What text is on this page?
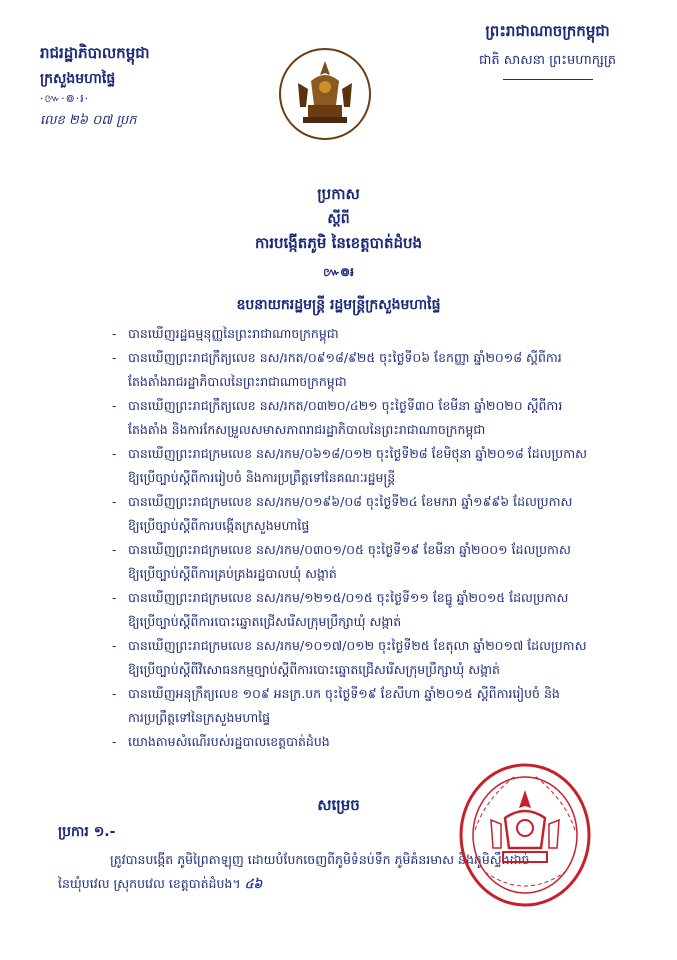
រាជរដ្ឋាភិបាលកម្ពុជា
ក្រសួងមហាផ្ទៃ
·៚·៙·៛·
លេខ ២៦ ០៧ ប្រក
ព្រះរាជាណាចក្រកម្ពុជា
ជាតិ សាសនា ព្រះមហាក្សត្រ
ប្រកាស
ស្តីពី
ការបង្កើតភូមិ នៃខេត្តបាត់ដំបង
៚៙៛
ឧបនាយករដ្ឋមន្ត្រី រដ្ឋមន្ត្រីក្រសួងមហាផ្ទៃ
- បានឃើញរដ្ឋធម្មនុញ្ញនៃព្រះរាជាណាចក្រកម្ពុជា
- បានឃើញព្រះរាជក្រឹត្យលេខ នស/រកត/០៩១៨/៩២៥ ចុះថ្ងៃទី០៦ ខែកញ្ញា ឆ្នាំ២០១៨ ស្តីពីការ
តែងតាំងរាជរដ្ឋាភិបាលនៃព្រះរាជាណាចក្រកម្ពុជា
- បានឃើញព្រះរាជក្រឹត្យលេខ នស/រកត/០៣២០/៤២១ ចុះថ្ងៃទី៣០ ខែមីនា ឆ្នាំ២០២០ ស្តីពីការ
តែងតាំង និងការកែសម្រួលសមាសភាពរាជរដ្ឋាភិបាលនៃព្រះរាជាណាចក្រកម្ពុជា
- បានឃើញព្រះរាជក្រមលេខ នស/រកម/០៦១៨/០១២ ចុះថ្ងៃទី២៨ ខែមិថុនា ឆ្នាំ២០១៨ ដែលប្រកាស
ឱ្យប្រើច្បាប់ស្តីពីការរៀបចំ និងការប្រព្រឹត្តទៅនៃគណៈរដ្ឋមន្ត្រី
- បានឃើញព្រះរាជក្រមលេខ នស/រកម/០១៩៦/០៨ ចុះថ្ងៃទី២៤ ខែមករា ឆ្នាំ១៩៩៦ ដែលប្រកាស
ឱ្យប្រើច្បាប់ស្តីពីការបង្កើតក្រសួងមហាផ្ទៃ
- បានឃើញព្រះរាជក្រមលេខ នស/រកម/០៣០១/០៥ ចុះថ្ងៃទី១៩ ខែមីនា ឆ្នាំ២០០១ ដែលប្រកាស
ឱ្យប្រើច្បាប់ស្តីពីការគ្រប់គ្រងរដ្ឋបាលឃុំ សង្កាត់
- បានឃើញព្រះរាជក្រមលេខ នស/រកម/១២១៥/០១៥ ចុះថ្ងៃទី១១ ខែធ្នូ ឆ្នាំ២០១៥ ដែលប្រកាស
ឱ្យប្រើច្បាប់ស្តីពីការបោះឆ្នោតជ្រើសរើសក្រុមប្រឹក្សាឃុំ សង្កាត់
- បានឃើញព្រះរាជក្រមលេខ នស/រកម/១០១៧/០១២ ចុះថ្ងៃទី២៥ ខែតុលា ឆ្នាំ២០១៧ ដែលប្រកាស
ឱ្យប្រើច្បាប់ស្តីពីវិសោធនកម្មច្បាប់ស្តីពីការបោះឆ្នោតជ្រើសរើសក្រុមប្រឹក្សាឃុំ សង្កាត់
- បានឃើញអនុក្រឹត្យលេខ ១០៩ អនក្រ.បក ចុះថ្ងៃទី១៩ ខែសីហា ឆ្នាំ២០១៥ ស្តីពីការរៀបចំ និង
ការប្រព្រឹត្តទៅនៃក្រសួងមហាផ្ទៃ
- យោងតាមសំណើរបស់រដ្ឋបាលខេត្តបាត់ដំបង
សម្រេច
ប្រការ ១.-
ត្រូវបានបង្កើត ភូមិព្រៃតាឡុញ ដោយបំបែកចេញពីភូមិទំនប់ទឹក ភូមិគំនរមាស និងភូមិស្ទឹងដាច់
នៃឃុំបវេល ស្រុកបវេល ខេត្តបាត់ដំបង។ ៤៦
